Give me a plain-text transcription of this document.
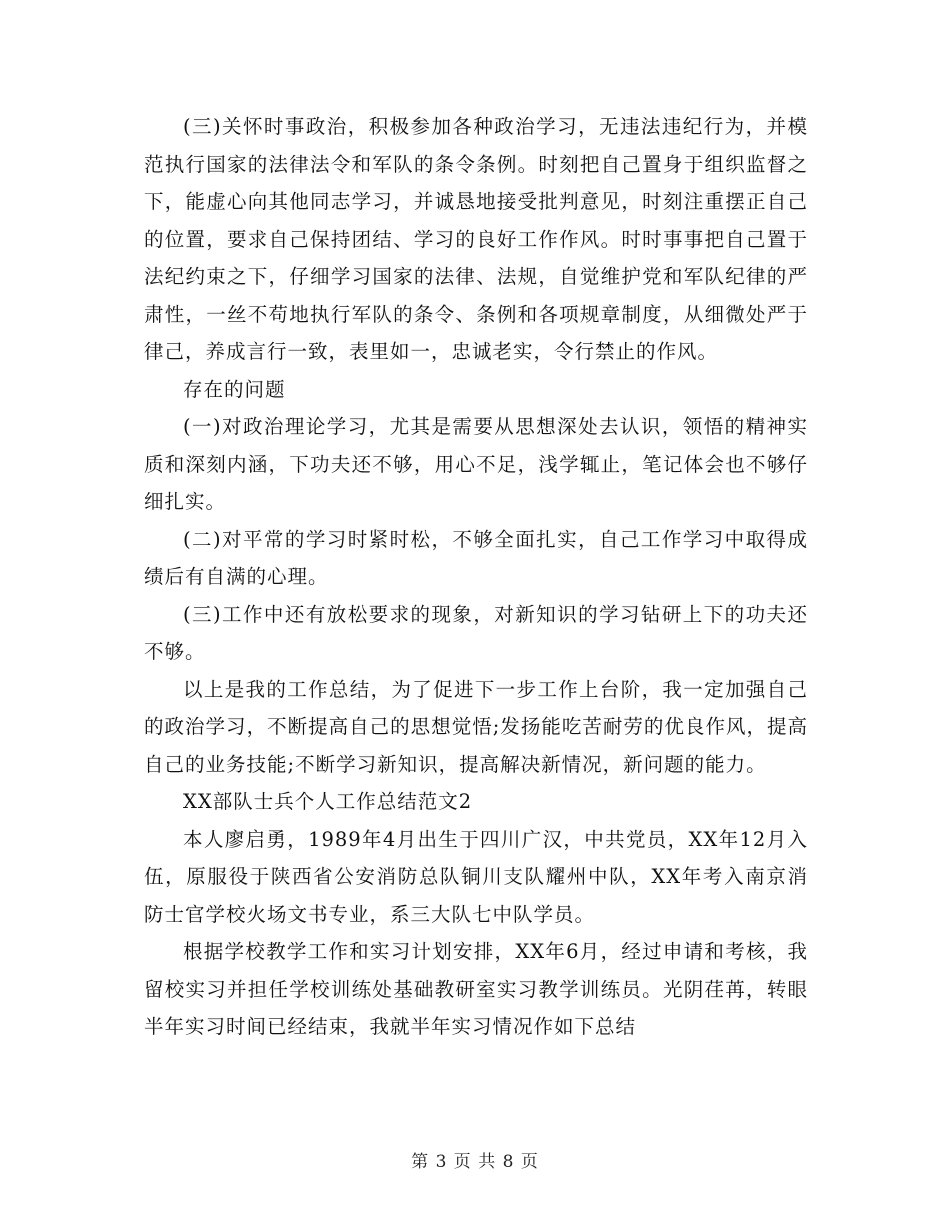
(三)关怀时事政治，积极参加各种政治学习，无违法违纪行为，并模范执行国家的法律法令和军队的条令条例。时刻把自己置身于组织监督之下，能虚心向其他同志学习，并诚恳地接受批判意见，时刻注重摆正自己的位置，要求自己保持团结、学习的良好工作作风。时时事事把自己置于法纪约束之下，仔细学习国家的法律、法规，自觉维护党和军队纪律的严肃性，一丝不苟地执行军队的条令、条例和各项规章制度，从细微处严于律己，养成言行一致，表里如一，忠诚老实，令行禁止的作风。

存在的问题

(一)对政治理论学习，尤其是需要从思想深处去认识，领悟的精神实质和深刻内涵，下功夫还不够，用心不足，浅学辄止，笔记体会也不够仔细扎实。

(二)对平常的学习时紧时松，不够全面扎实，自己工作学习中取得成绩后有自满的心理。

(三)工作中还有放松要求的现象，对新知识的学习钻研上下的功夫还不够。

以上是我的工作总结，为了促进下一步工作上台阶，我一定加强自己的政治学习，不断提高自己的思想觉悟;发扬能吃苦耐劳的优良作风，提高自己的业务技能;不断学习新知识，提高解决新情况，新问题的能力。

XX部队士兵个人工作总结范文2

本人廖启勇，1989年4月出生于四川广汉，中共党员，XX年12月入伍，原服役于陕西省公安消防总队铜川支队耀州中队，XX年考入南京消防士官学校火场文书专业，系三大队七中队学员。

根据学校教学工作和实习计划安排，XX年6月，经过申请和考核，我留校实习并担任学校训练处基础教研室实习教学训练员。光阴荏苒，转眼半年实习时间已经结束，我就半年实习情况作如下总结

第 3 页 共 8 页
